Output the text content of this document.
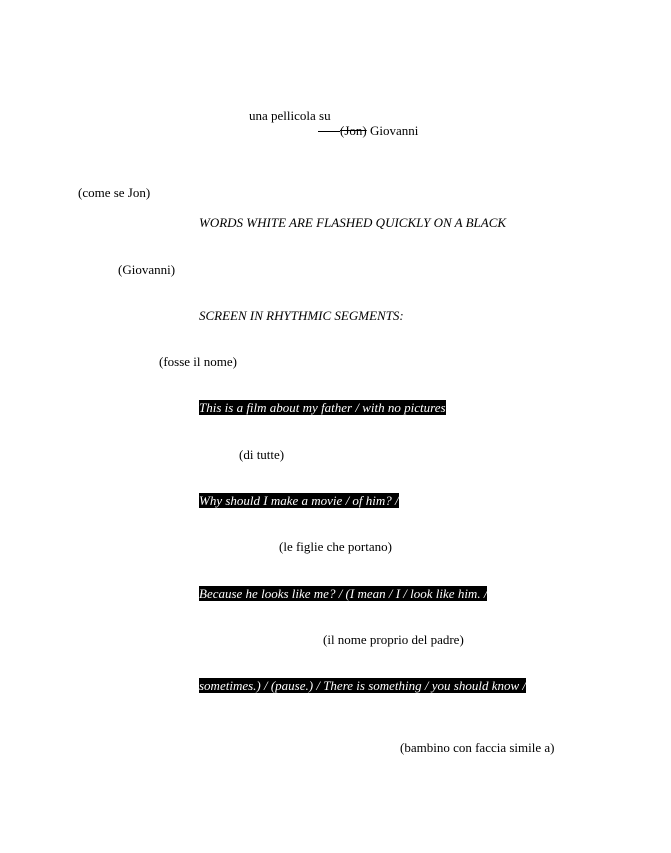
una pellicola su
(Jon) Giovanni
(come se Jon)
WORDS WHITE ARE FLASHED QUICKLY ON A BLACK
(Giovanni)
SCREEN IN RHYTHMIC SEGMENTS:
(fosse il nome)
This is a film about my father / with no pictures
(di tutte)
Why should I make a movie / of him? /
(le figlie che portano)
Because he looks like me? / (I mean / I / look like him. /
(il nome proprio del padre)
sometimes.) / (pause.) / There is something / you should know /
(bambino con faccia simile a)
